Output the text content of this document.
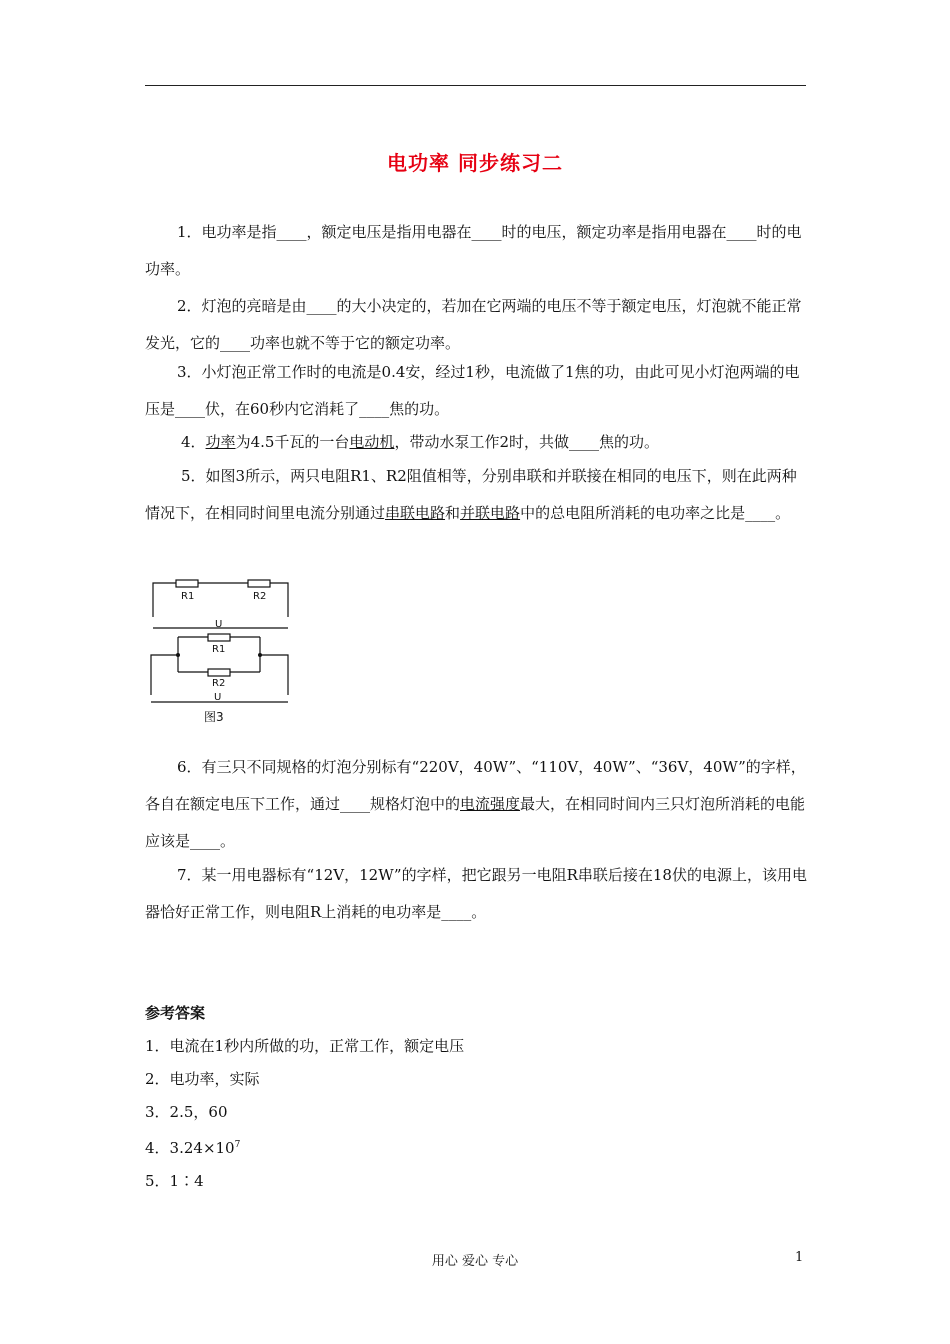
电功率 同步练习二

1．电功率是指____，额定电压是指用电器在____时的电压，额定功率是指用电器在____时的电功率。

2．灯泡的亮暗是由____的大小决定的，若加在它两端的电压不等于额定电压，灯泡就不能正常发光，它的____功率也就不等于它的额定功率。

3．小灯泡正常工作时的电流是0.4安，经过1秒，电流做了1焦的功，由此可见小灯泡两端的电压是____伏，在60秒内它消耗了____焦的功。

4．功率为4.5千瓦的一台电动机，带动水泵工作2时，共做____焦的功。

5．如图3所示，两只电阻R1、R2阻值相等，分别串联和并联接在相同的电压下，则在此两种情况下，在相同时间里电流分别通过串联电路和并联电路中的总电阻所消耗的电功率之比是____。

R1	R2
U
R1
R2
U
图3

6．有三只不同规格的灯泡分别标有“220V，40W”、“110V，40W”、“36V，40W”的字样，各自在额定电压下工作，通过____规格灯泡中的电流强度最大，在相同时间内三只灯泡所消耗的电能应该是____。

7．某一用电器标有“12V，12W”的字样，把它跟另一电阻R串联后接在18伏的电源上，该用电器恰好正常工作，则电阻R上消耗的电功率是____。

参考答案
1．电流在1秒内所做的功，正常工作，额定电压
2．电功率，实际
3．2.5，60
4．$3.24\times 10^7$
5．1∶4
用心 爱心 专心	1
